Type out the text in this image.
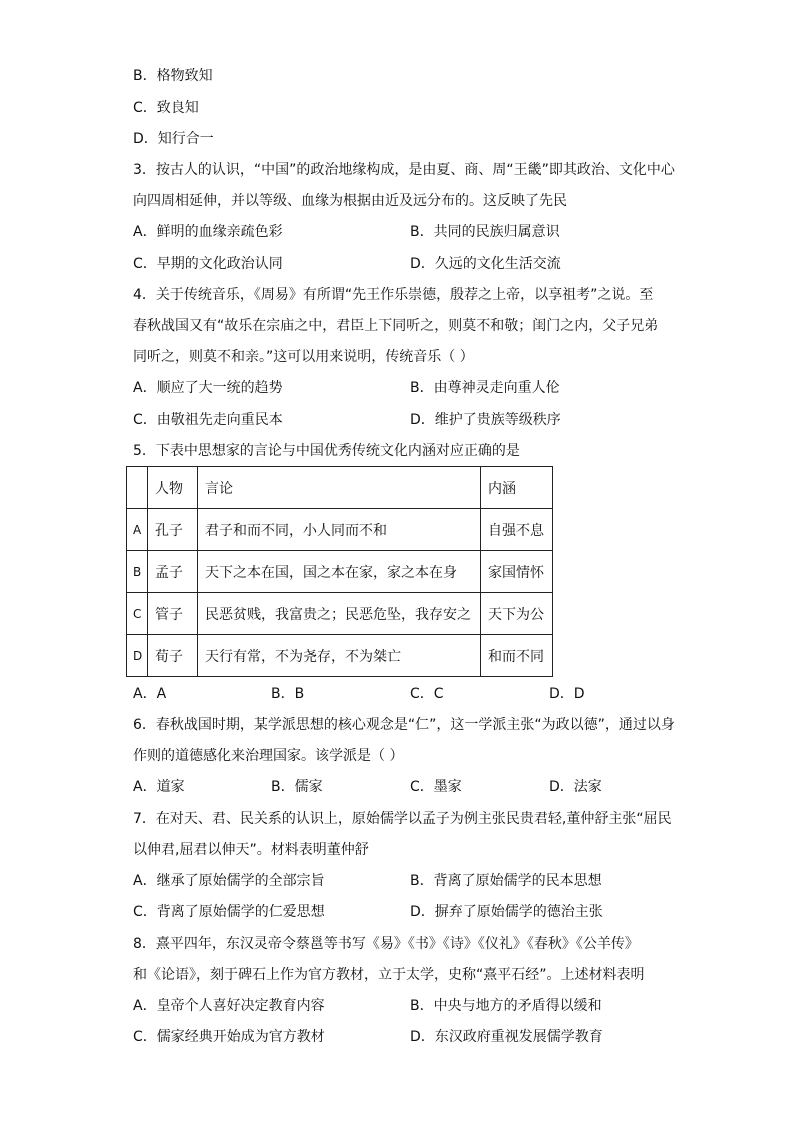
B．格物致知
C．致良知
D．知行合一
3．按古人的认识，“中国”的政治地缘构成，是由夏、商、周“王畿”即其政治、文化中心
向四周相延伸，并以等级、血缘为根据由近及远分布的。这反映了先民
A．鲜明的血缘亲疏色彩	B．共同的民族归属意识
C．早期的文化政治认同	D．久远的文化生活交流
4．关于传统音乐，《周易》有所谓“先王作乐崇德，殷荐之上帝，以享祖考”之说。至
春秋战国又有“故乐在宗庙之中，君臣上下同听之，则莫不和敬；闺门之内，父子兄弟
同听之，则莫不和亲。”这可以用来说明，传统音乐（ ）
A．顺应了大一统的趋势	B．由尊神灵走向重人伦
C．由敬祖先走向重民本	D．维护了贵族等级秩序
5．下表中思想家的言论与中国优秀传统文化内涵对应正确的是
	人物	言论	内涵
A	孔子	君子和而不同，小人同而不和	自强不息
B	孟子	天下之本在国，国之本在家，家之本在身	家国情怀
C	管子	民恶贫贱，我富贵之；民恶危坠，我存安之	天下为公
D	荀子	天行有常，不为尧存，不为桀亡	和而不同
A．A	B．B	C．C	D．D
6．春秋战国时期，某学派思想的核心观念是“仁”，这一学派主张“为政以德”，通过以身
作则的道德感化来治理国家。该学派是（ ）
A．道家	B．儒家	C．墨家	D．法家
7．在对天、君、民关系的认识上，原始儒学以孟子为例主张民贵君轻,董仲舒主张“屈民
以伸君,屈君以伸天”。材料表明董仲舒
A．继承了原始儒学的全部宗旨	B．背离了原始儒学的民本思想
C．背离了原始儒学的仁爱思想	D．摒弃了原始儒学的德治主张
8．熹平四年，东汉灵帝令蔡邕等书写《易》《书》《诗》《仪礼》《春秋》《公羊传》
和《论语》，刻于碑石上作为官方教材，立于太学，史称“熹平石经”。上述材料表明
A．皇帝个人喜好决定教育内容	B．中央与地方的矛盾得以缓和
C．儒家经典开始成为官方教材	D．东汉政府重视发展儒学教育
